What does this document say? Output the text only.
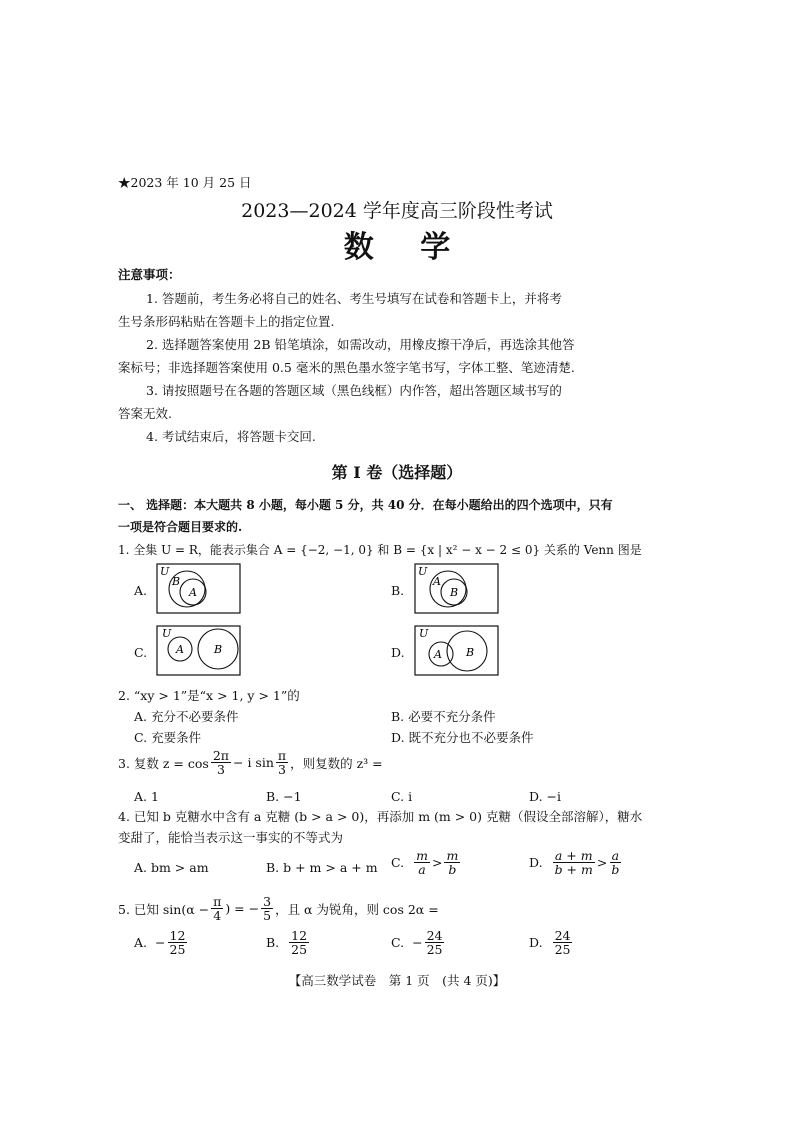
★2023 年 10 月 25 日
2023—2024 学年度高三阶段性考试
数 学
注意事项：
1. 答题前，考生务必将自己的姓名、考生号填写在试卷和答题卡上，并将考
生号条形码粘贴在答题卡上的指定位置.
2. 选择题答案使用 2B 铅笔填涂，如需改动，用橡皮擦干净后，再选涂其他答
案标号；非选择题答案使用 0.5 毫米的黑色墨水签字笔书写，字体工整、笔迹清楚.
3. 请按照题号在各题的答题区域（黑色线框）内作答，超出答题区域书写的
答案无效.
4. 考试结束后，将答题卡交回.
第 I 卷（选择题）
一、 选择题：本大题共 8 小题，每小题 5 分，共 40 分．在每小题给出的四个选项中，只有
一项是符合题目要求的.
1. 全集 U = R，能表示集合 A = {−2, −1, 0} 和 B = {x | x² − x − 2 ≤ 0} 关系的 Venn 图是
A.
U
B
A	B.
U
A
B
C.
U
A	B	D.
U
A B
2. “xy > 1”是“x > 1, y > 1”的
A. 充分不必要条件	B. 必要不充分条件
C. 充要条件	D. 既不充分也不必要条件
3. 复数 $z = \cos \frac{2\pi}{3} - i$ $\sin \frac{\pi}{3}$ ，则复数的 z³ =
A. 1	B. −1	C. i	D. −i
4. 已知 b 克糖水中含有 a 克糖 (b > a > 0)，再添加 m (m > 0) 克糖（假设全部溶解），糖水
变甜了，能恰当表示这一事实的不等式为
A. bm > am	B. b + m > a + m C. $\frac{m}{a} > \frac{m}{b}$	D. $\frac{a + m}{b + m} > \frac{a}{b}$
5. 已知 $\sin(\alpha - \frac{\pi}{4}$ ) = − $\frac{3}{5}$ ，且 α 为锐角，则 cos 2α =
A. − $\frac{12}{25}$	B. $\frac{12}{25}$	C. − $\frac{24}{25}$	D. $\frac{24}{25}$
【高三数学试卷　第 1 页　(共 4 页)】
